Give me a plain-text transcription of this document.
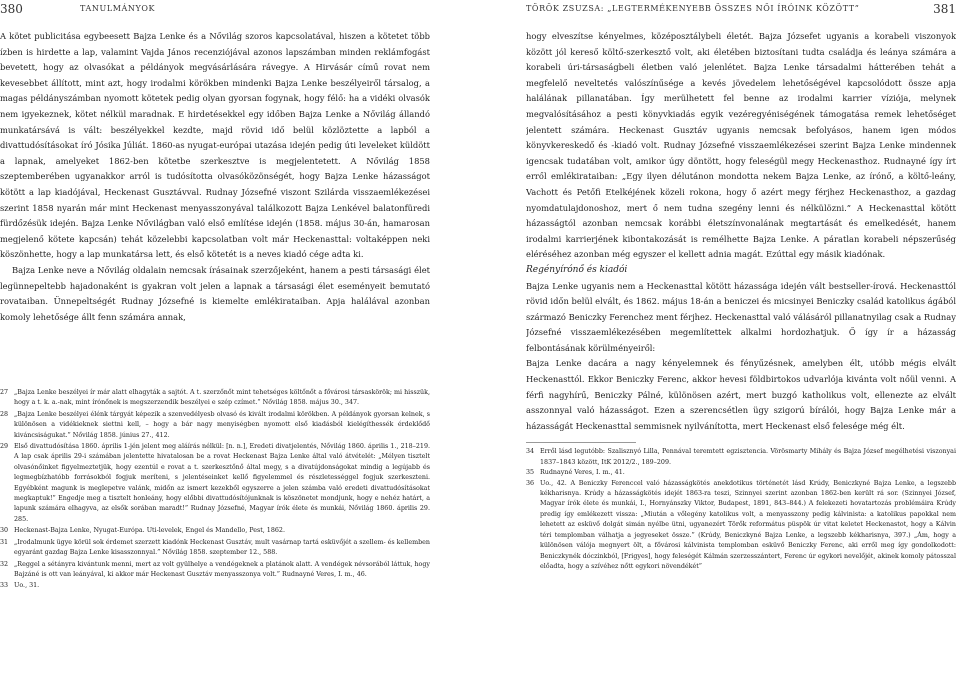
380	TANULMÁNYOK

A kötet publicitása egybeesett Bajza Lenke és a Nővilág szoros kapcsolatával, hiszen a kötetet több ízben is hirdette a lap, valamint Vajda János recenziójával azonos lapszámban minden reklámfogást bevetett, hogy az olvasókat a példányok megvásárlására rávegye. A Hirvásár című rovat nem kevesebbet állított, mint azt, hogy irodalmi körökben mindenki Bajza Lenke beszélyeiről társalog, a magas példányszámban nyomott kötetek pedig olyan gyorsan fogynak, hogy félő: ha a vidéki olvasók nem igyekeznek, kötet nélkül maradnak. E hirdetésekkel egy időben Bajza Lenke a Nővilág állandó munkatársává is vált: beszélyekkel kezdte, majd rövid idő belül közlöztette a lapból a divattudósításokat író Jósika Júliát. 1860-as nyugat-európai utazása idején pedig úti leveleket küldött a lapnak, amelyeket 1862-ben kötetbe szerkesztve is megjelentetett. A Nővilág 1858 szeptemberében ugyanakkor arról is tudósította olvasóközönségét, hogy Bajza Lenke házasságot kötött a lap kiadójával, Heckenast Gusztávval. Rudnay Józsefné viszont Szilárda visszaemlékezései szerint 1858 nyarán már mint Heckenast menyasszonyával találkozott Bajza Lenkével balatonfüredi fürdőzésük idején. Bajza Lenke Nővilágban való első említése idején (1858. május 30-án, hamarosan megjelenő kötete kapcsán) tehát közelebbi kapcsolatban volt már Heckenasttal: voltaképpen neki köszönhette, hogy a lap munkatársa lett, és első kötetét is a neves kiadó cége adta ki.

Bajza Lenke neve a Nővilág oldalain nemcsak írásainak szerzőjeként, hanem a pesti társasági élet legünnepeltebb hajadonaként is gyakran volt jelen a lapnak a társasági élet eseményeit bemutató rovataiban. Ünnepeltségét Rudnay Józsefné is kiemelte emlékirataiban. Apja halálával azonban komoly lehetősége állt fenn számára annak,

27 „Bajza Lenke beszélyei ír már alatt elhagyták a sajtót. A t. szerzőnőt mint tehetséges költőnőt a fővárosi társaskörök; mi hisszük, hogy a t. k. a.-nak, mint írónőnek is megszerzendik beszélyei e szép czímet.” Nővilág 1858. május 30., 347.
28 „Bajza Lenke beszélyei élénk tárgyát képezik a szenvedélyesb olvasó és kivált irodalmi körökben. A példányok gyorsan kelnek, s különösen a vidékieknek siettni kell, – hogy a bár nagy menyiségben nyomott első kiadásból kielégíthessék érdeklődő kiváncsiságukat.” Nővilág 1858. június 27., 412.
29 Első divattudósítása 1860. április 1-jén jelent meg aláírás nélkül: [n. n.], Eredeti divatjelentés, Nővilág 1860. április 1., 218–219. A lap csak április 29-i számában jelentette hivatalosan be a rovat Heckenast Bajza Lenke által való átvételét: „Mélyen tisztelt olvasónőinket figyelmeztetjük, hogy ezentúl e rovat a t. szerkesztőnő által megy, s a divatújdonságokat mindig a legújabb és legmegbízhatóbb forrásokból fogjuk meríteni, s jelentéseinket kellő figyelemmel és részletességgel fogjuk szerkeszteni. Egyébként magunk is meglepetve valánk, midőn az ismert kezekből egyszerre a jelen számba való eredeti divattudósításokat megkaptuk!” Engedje meg a tisztelt honleány, hogy előbbi divattudósítójunknak is köszönetet mondjunk, hogy e nehéz határt, a lapunk számára elhagyva, az elsők sorában maradt!” Rudnay Józsefné, Magyar írók élete és munkái, Nővilág 1860. április 29. 285.
30 Heckenast-Bajza Lenke, Nyugat-Európa. Uti-levelek, Engel és Mandello, Pest, 1862.
31 „Irodalmunk ügye körül sok érdemet szerzett kiadónk Heckenast Gusztáv, mult vasárnap tartá esküvőjét a szellem- és kellemben egyaránt gazdag Bajza Lenke kisasszonnyal.” Nővilág 1858. szeptember 12., 588.
32 „Reggel a sétányra kivántunk menni, mert az volt gyülhelye a vendégeknek a platánok alatt. A vendégek névsorából láttuk, hogy Bajzáné is ott van leányával, ki akkor már Heckenast Gusztáv menyasszonya volt.” Rudnayné Veres, I. m., 46.
33 Uo., 31.
TÖRÖK ZSUZSA: „LEGTERMÉKENYEBB ÖSSZES NŐI ÍRÓINK KÖZÖTT”	381

hogy elveszítse kényelmes, középosztálybeli életét. Bajza Józsefet ugyanis a korabeli viszonyok között jól kereső költő-szerkesztő volt, aki életében biztosítani tudta családja és leánya számára a korabeli úri-társaságbeli életben való jelenlétet. Bajza Lenke társadalmi hátterében tehát a megfelelő neveltetés valószínűsége a kevés jövedelem lehetőségével kapcsolódott össze apja halálának pillanatában. Így merülhetett fel benne az irodalmi karrier víziója, melynek megvalósításához a pesti könyvkiadás egyik vezéregyéniségének támogatása remek lehetőséget jelentett számára. Heckenast Gusztáv ugyanis nemcsak befolyásos, hanem igen módos könyvkereskedő és -kiadó volt. Rudnay Józsefné visszaemlékezései szerint Bajza Lenke mindennek igencsak tudatában volt, amikor úgy döntött, hogy feleségül megy Heckenasthoz. Rudnayné így írt erről emlékirataiban: „Egy ilyen délutánon mondotta nekem Bajza Lenke, az írónő, a költő-leány, Vachott és Petőfi Etelkéjének közeli rokona, hogy ő azért megy férjhez Heckenasthoz, a gazdag nyomdatulajdonoshoz, mert ő nem tudna szegény lenni és nélkülözni.” A Heckenasttal kötött házasságtól azonban nemcsak korábbi életszínvonalának megtartását és emelkedését, hanem irodalmi karrierjének kibontakozását is remélhette Bajza Lenke. A páratlan korabeli népszerűség eléréséhez azonban még egyszer el kellett adnia magát. Ezúttal egy másik kiadónak.

Regényírónő és kiadói

Bajza Lenke ugyanis nem a Heckenasttal kötött házassága idején vált bestseller-írová. Heckenasttól rövid időn belül elvált, és 1862. május 18-án a beniczei és micsinyei Beniczky család katolikus ágából származó Beniczky Ferenchez ment férjhez. Heckenasttal való válásáról pillanatnyilag csak a Rudnay Józsefné visszaemlékezésében megemlítettek alkalmi hordozhatjuk. Ő így ír a házasság felbontásának körülményeiről:

Bajza Lenke dacára a nagy kényelemnek és fényűzésnek, amelyben élt, utóbb mégis elvált Heckenasttól. Ekkor Beniczky Ferenc, akkor hevesi földbirtokos udvarlója kivánta volt nőül venni. A férfi nagyhírű, Beniczky Pálné, különösen azért, mert buzgó katholikus volt, ellenezte az elvált asszonnyal való házasságot. Ezen a szerencsétlen ügy szigorú bírálói, hogy Bajza Lenke már a házasságát Heckenasttal semmisnek nyilvánította, mert Heckenast első felesége még élt.

34 Erről lásd legutóbb: Szalisznyó Lilla, Pennával teremtett egzisztencia. Vörösmarty Mihály és Bajza József megélhetési viszonyai 1837–1843 között, ItK 2012/2., 189–209.
35 Rudnayné Veres, I. m., 41.
36 Uo., 42. A Beniczky Ferenccel való házasságkötés anekdotikus történetét lásd Krúdy, Beniczkyné Bajza Lenke, a legszebb kékharisnya. Krúdy a házasságkötés idejét 1863-ra teszi, Szinnyei szerint azonban 1862-ben került rá sor. (Szinnyei József, Magyar írók élete és munkái, I., Hornyánszky Viktor, Budapest, 1891, 843–844.) A felekezeti hovatartozás problémáira Krúdy predig így emlékezett vissza: „Miután a vőlegény katolikus volt, a menyasszony pedig kálvinista: a katolikus papokkal nem lehetett az esküvő dolgát simán nyélbe ütni, ugyanezért Törők református püspök úr vitat keletet Heckenastot, hogy a Kálvin téri templomban válhatja a jegyeseket össze.” (Krúdy, Beniczkyné Bajza Lenke, a legszebb kékharisnya, 397.) „Ám, hogy a különösen válója megnyert ölt, a fővárosi kálvinista templomban esküvő Beniczky Ferenc, aki erről meg így gondolkodott: Beniczkynék dóczinkból, [Frigyes], hogy feleségét Kálmán szerzesszántert, Ferenc úr egykori nevelőjét, akinek komoly pátosszal előadta, hogy a szívéhez nőtt egykori növendékét”
